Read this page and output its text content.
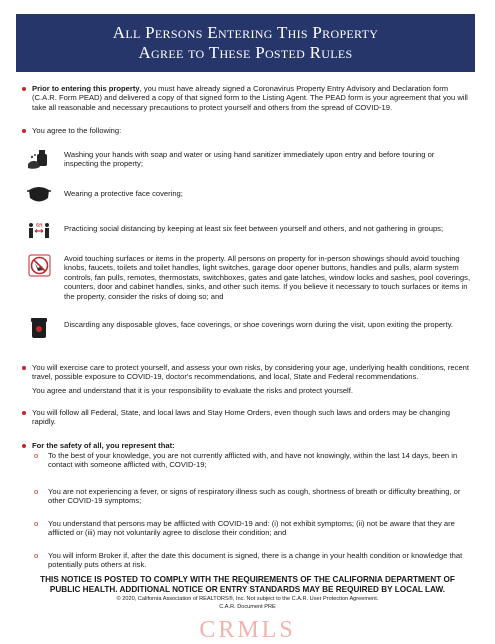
All Persons Entering This Property
Agree to These Posted Rules
Prior to entering this property, you must have already signed a Coronavirus Property Entry Advisory and Declaration form (C.A.R. Form PEAD) and delivered a copy of that signed form to the Listing Agent. The PEAD form is your agreement that you will take all reasonable and necessary precautions to protect yourself and others from the spread of COVID-19.
You agree to the following:
Washing your hands with soap and water or using hand sanitizer immediately upon entry and before touring or inspecting the property;
Wearing a protective face covering;
6ft	Practicing social distancing by keeping at least six feet between yourself and others, and not gathering in groups;
Avoid touching surfaces or items in the property. All persons on property for in-person showings should avoid touching knobs, faucets, toilets and toilet handles, light switches, garage door opener buttons, handles and pulls, alarm system controls, fan pulls, remotes, thermostats, switchboxes, gates and gate latches, window locks and sashes, pool coverings, counters, door and cabinet handles, sinks, and other such items. If you believe it necessary to touch surfaces or items in the property, consider the risks of doing so; and
Discarding any disposable gloves, face coverings, or shoe coverings worn during the visit, upon exiting the property.
You will exercise care to protect yourself, and assess your own risks, by considering your age, underlying health conditions, recent travel, possible exposure to COVID-19, doctor's recommendations, and local, State and Federal recommendations.
You agree and understand that it is your responsibility to evaluate the risks and protect yourself.
You will follow all Federal, State, and local laws and Stay Home Orders, even though such laws and orders may be changing rapidly.
For the safety of all, you represent that:
o To the best of your knowledge, you are not currently afflicted with, and have not knowingly, within the last 14 days, been in contact with someone afflicted with, COVID-19;
o You are not experiencing a fever, or signs of respiratory illness such as cough, shortness of breath or difficulty breathing, or other COVID-19 symptoms;
o You understand that persons may be afflicted with COVID-19 and: (i) not exhibit symptoms; (ii) not be aware that they are afflicted or (iii) may not voluntarily agree to disclose their condition; and
o You will inform Broker if, after the date this document is signed, there is a change in your health condition or knowledge that potentially puts others at risk.
THIS NOTICE IS POSTED TO COMPLY WITH THE REQUIREMENTS OF THE CALIFORNIA DEPARTMENT OF PUBLIC HEALTH. ADDITIONAL NOTICE OR ENTRY STANDARDS MAY BE REQUIRED BY LOCAL LAW.
© 2020, California Association of REALTORS®, Inc. Not subject to the C.A.R. User Protection Agreement.
C.A.R. Document PRE
CRMLS
